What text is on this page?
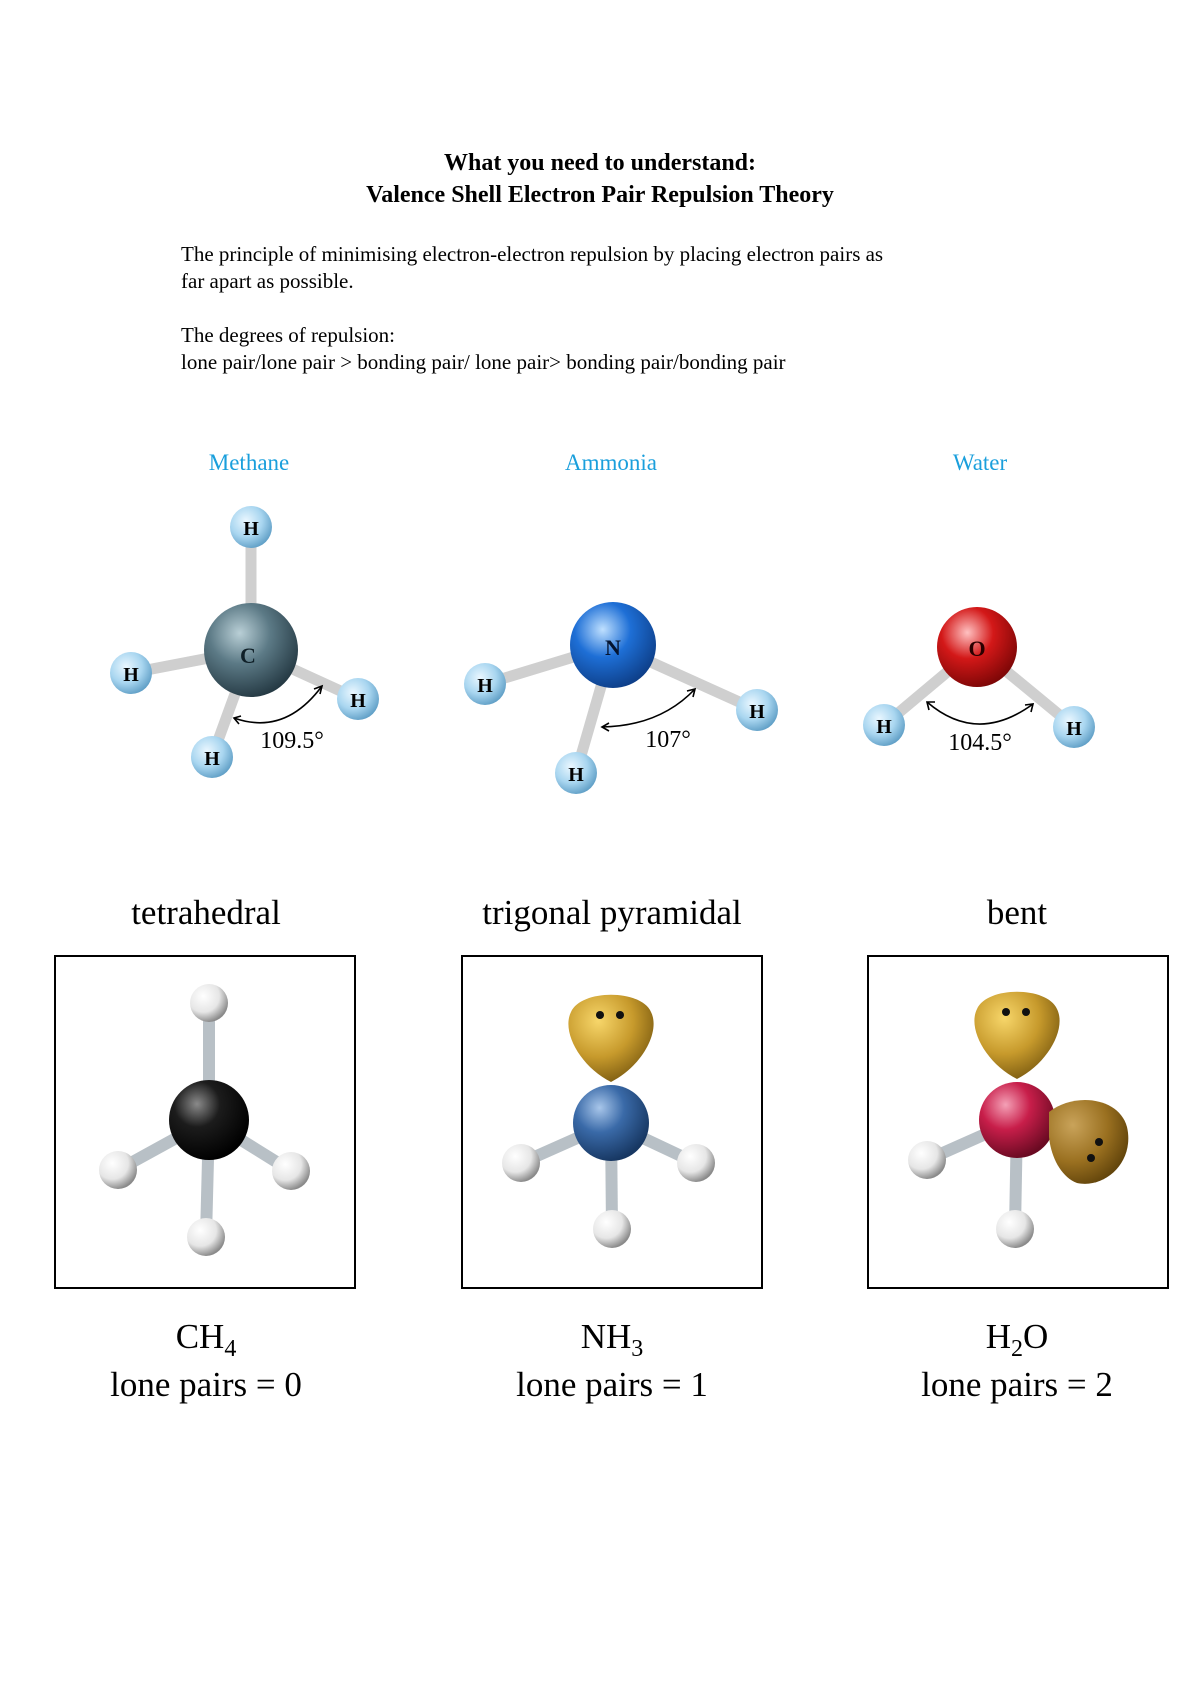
What you need to understand:
Valence Shell Electron Pair Repulsion Theory
The principle of minimising electron-electron repulsion by placing electron pairs as
far apart as possible.
The degrees of repulsion:
lone pair/lone pair > bonding pair/ lone pair> bonding pair/bonding pair
Methane	Ammonia	Water
C
H
H
H
H
109.5°
N
H
H
H
107°
O
H	H
104.5°
tetrahedral	trigonal pyramidal	bent
$CH_4$
lone pairs = 0
$NH_3$
lone pairs = 1
$H_2O$
lone pairs = 2
